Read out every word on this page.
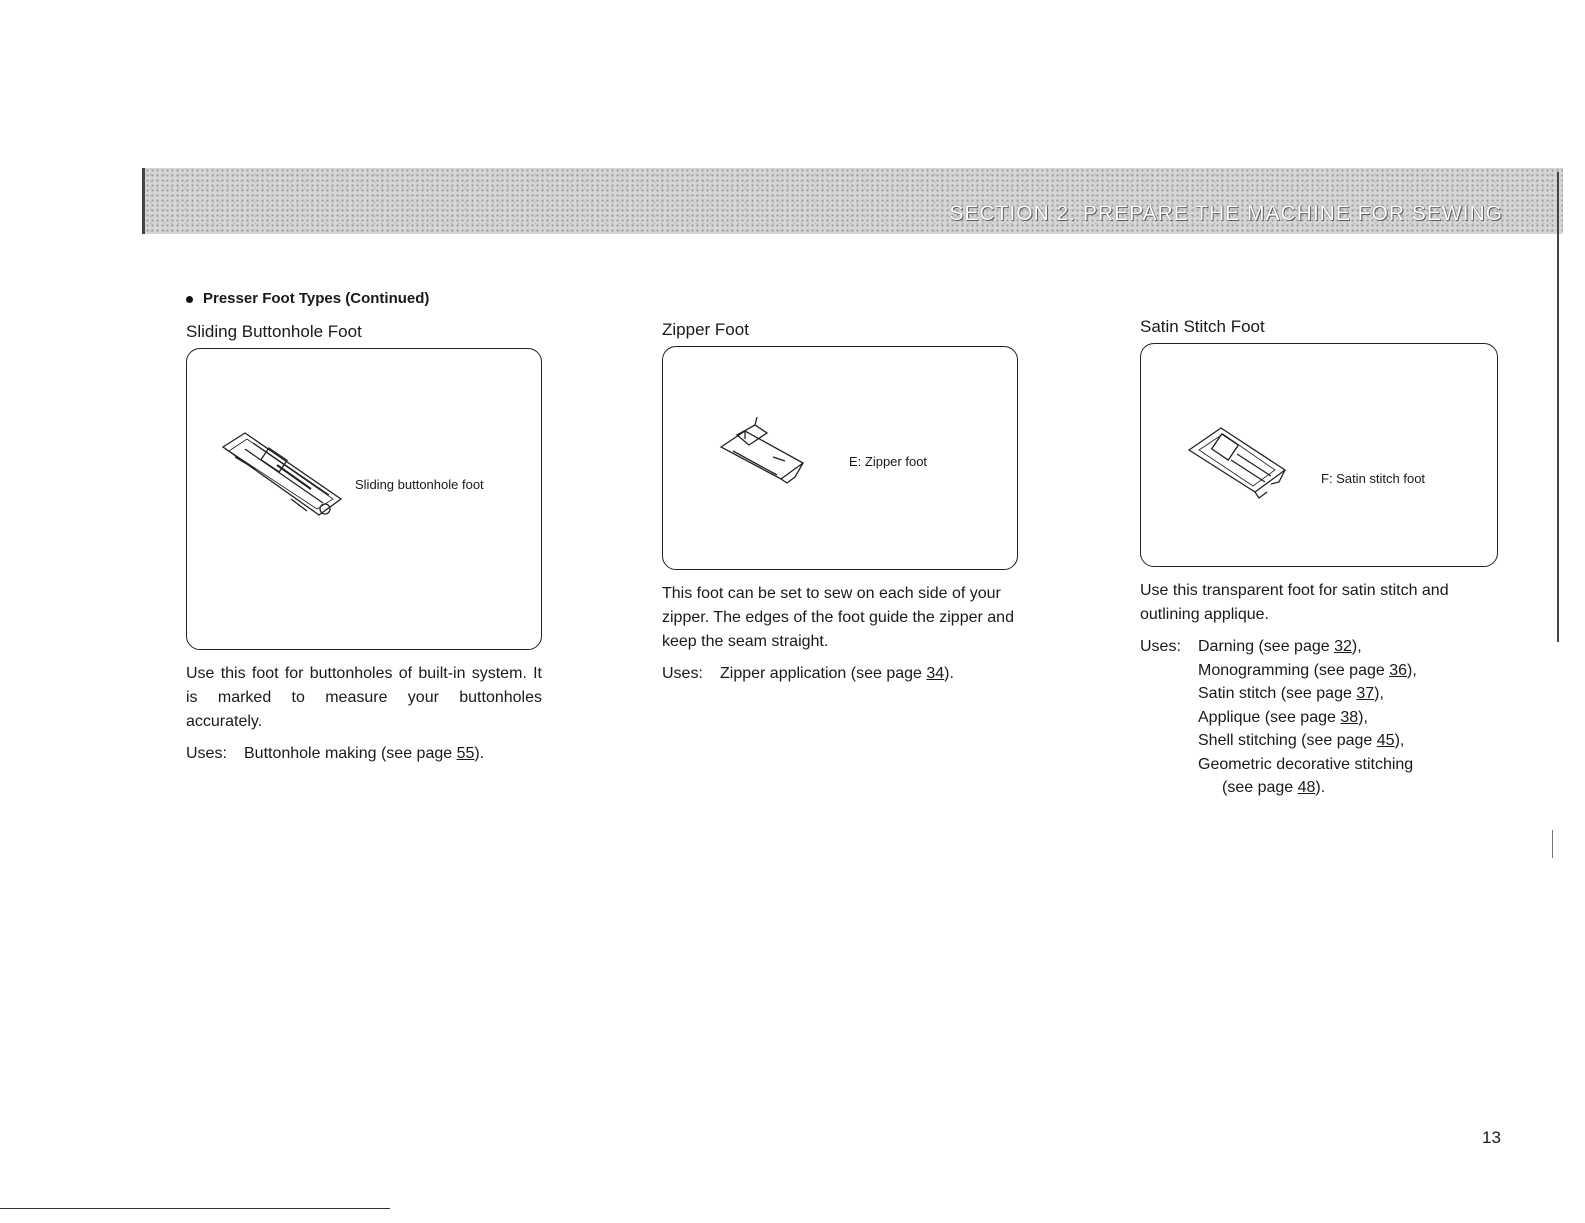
SECTION 2. PREPARE THE MACHINE FOR SEWING
Presser Foot Types (Continued)
Sliding Buttonhole Foot
Sliding buttonhole foot
Use this foot for buttonholes of built-in system. It is marked to measure your buttonholes accurately.
Uses:	Buttonhole making (see page 55).
Zipper Foot
E: Zipper foot
This foot can be set to sew on each side of your zipper. The edges of the foot guide the zipper and keep the seam straight.
Uses:	Zipper application (see page 34).
Satin Stitch Foot
F: Satin stitch foot
Use this transparent foot for satin stitch and outlining applique.
Uses:	Darning (see page 32),
Monogramming (see page 36),
Satin stitch (see page 37),
Applique (see page 38),
Shell stitching (see page 45),
Geometric decorative stitching
(see page 48).
13
